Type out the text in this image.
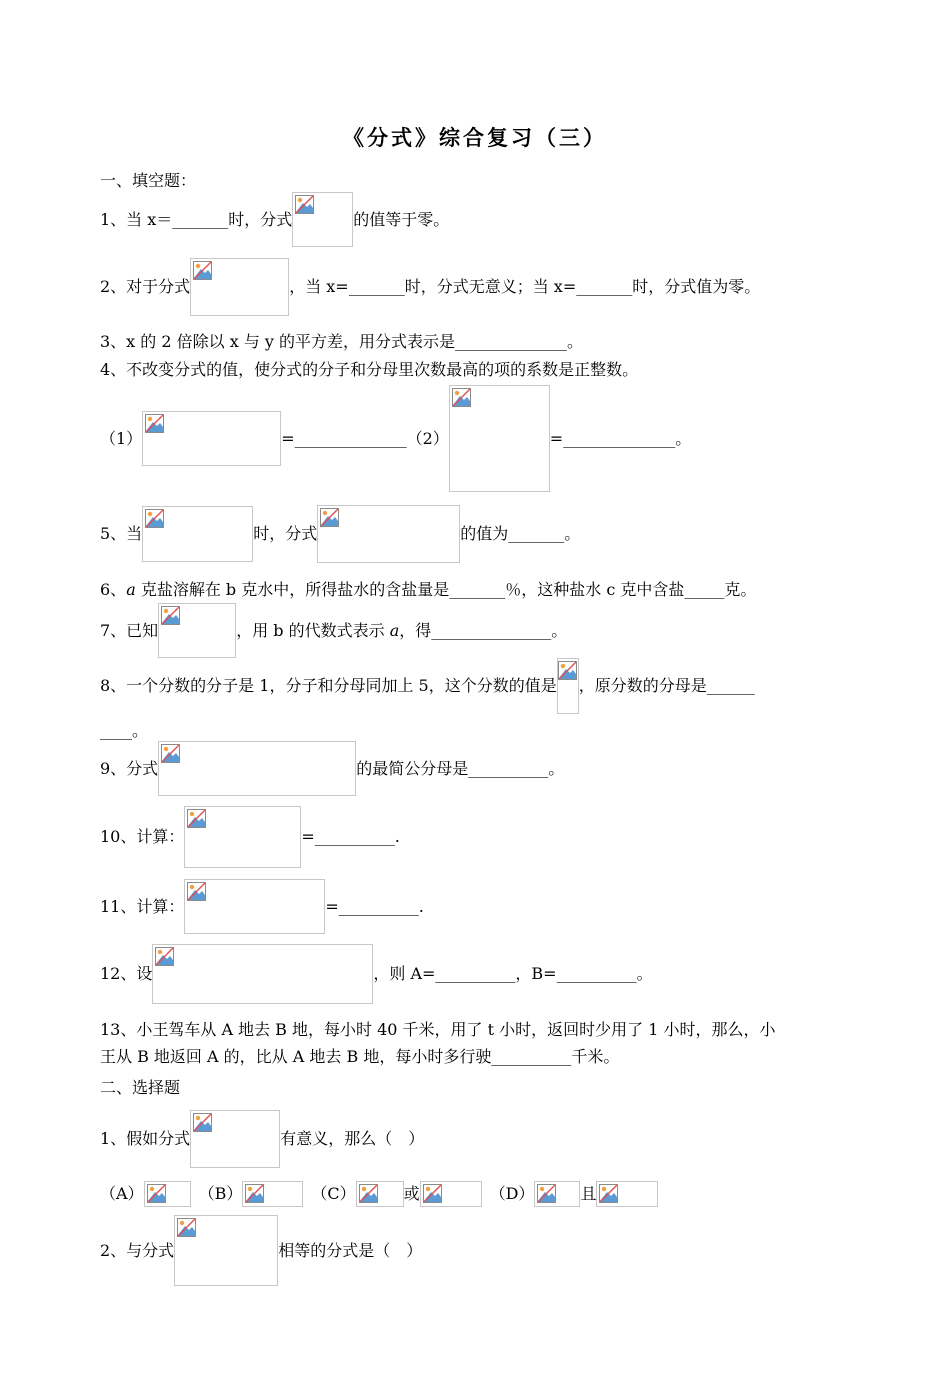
《分式》综合复习（三）
一、填空题：
1、当 x＝_______时，分式	的值等于零。
2、对于分式	，当 x=_______时，分式无意义；当 x=_______时，分式值为零。
3、x 的 2 倍除以 x 与 y 的平方差，用分式表示是______________。
4、不改变分式的值，使分式的分子和分母里次数最高的项的系数是正整数。
（1）	=______________（2）	=______________。
5、当	时，分式	的值为_______。
6、a 克盐溶解在 b 克水中，所得盐水的含盐量是_______％，这种盐水 c 克中含盐_____克。
7、已知	，用 b 的代数式表示 a，得_______________。
8、一个分数的分子是 1，分子和分母同加上 5，这个分数的值是 ，原分数的分母是______
____。
9、分式	的最简公分母是__________。
10、计算：	=__________.
11、计算：	=__________.
12、设	，则 A=__________，B=__________。
13、小王驾车从 A 地去 B 地，每小时 40 千米，用了 t 小时，返回时少用了 1 小时，那么，小
王从 B 地返回 A 的，比从 A 地去 B 地，每小时多行驶__________千米。
二、选择题
1、假如分式	有意义，那么（　）
（A）	（B）	（C）	或	（D）	且
2、与分式	相等的分式是（　）
